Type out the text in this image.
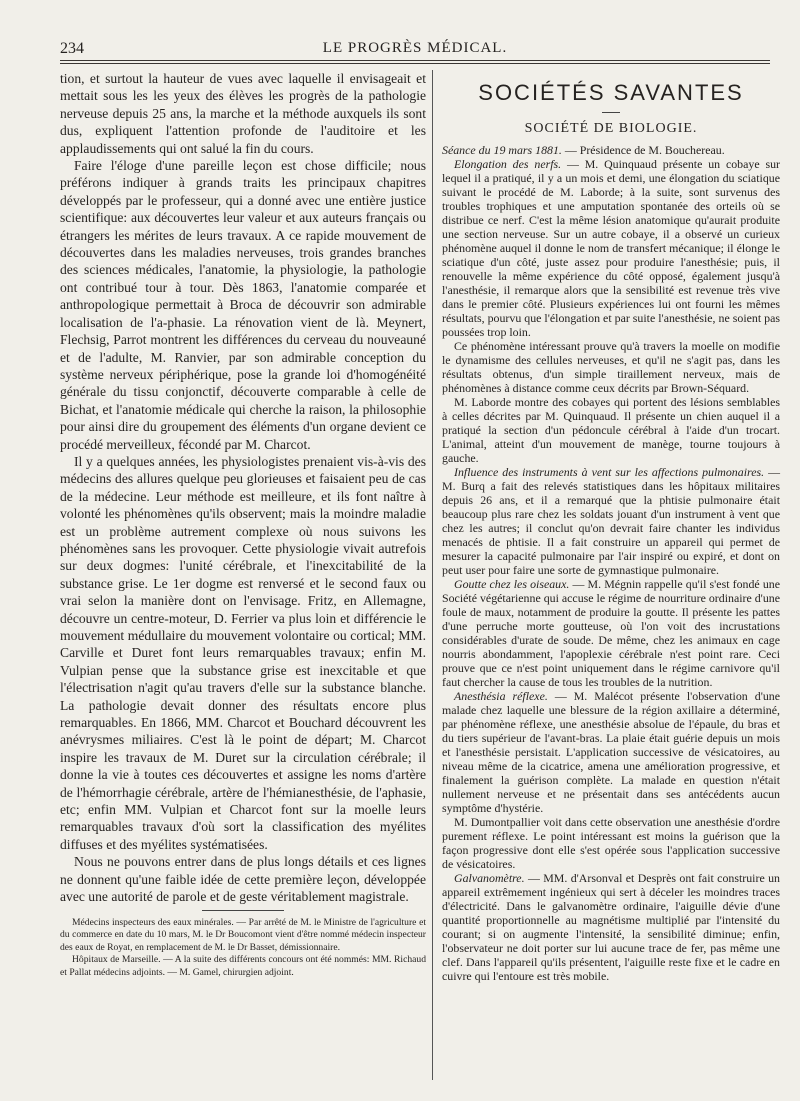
234	LE PROGRÈS MÉDICAL.

tion, et surtout la hauteur de vues avec laquelle il envisageait et mettait sous les les yeux des élèves les progrès de la pathologie nerveuse depuis 25 ans, la marche et la méthode auxquels ils sont dus, expliquent l'attention profonde de l'auditoire et les applaudissements qui ont salué la fin du cours.

Faire l'éloge d'une pareille leçon est chose difficile; nous préférons indiquer à grands traits les principaux chapitres développés par le professeur, qui a donné avec une entière justice scientifique: aux découvertes leur valeur et aux auteurs français ou étrangers les mérites de leurs travaux. A ce rapide mouvement de découvertes dans les maladies nerveuses, trois grandes branches des sciences médicales, l'anatomie, la physiologie, la pathologie ont contribué tour à tour. Dès 1863, l'anatomie comparée et anthropologique permettait à Broca de découvrir son admirable localisation de l'a-phasie. La rénovation vient de là. Meynert, Flechsig, Parrot montrent les différences du cerveau du nouveauné et de l'adulte, M. Ranvier, par son admirable conception du système nerveux périphérique, pose la grande loi d'homogénéité générale du tissu conjonctif, découverte comparable à celle de Bichat, et l'anatomie médicale qui cherche la raison, la philosophie pour ainsi dire du groupement des éléments d'un organe devient ce procédé merveilleux, fécondé par M. Charcot.

Il y a quelques années, les physiologistes prenaient vis-à-vis des médecins des allures quelque peu glorieuses et faisaient peu de cas de la médecine. Leur méthode est meilleure, et ils font naître à volonté les phénomènes qu'ils observent; mais la moindre maladie est un problème autrement complexe où nous suivons les phénomènes sans les provoquer. Cette physiologie vivait autrefois sur deux dogmes: l'unité cérébrale, et l'inexcitabilité de la substance grise. Le 1er dogme est renversé et le second faux ou vrai selon la manière dont on l'envisage. Fritz, en Allemagne, découvre un centre-moteur, D. Ferrier va plus loin et différencie le mouvement médullaire du mouvement volontaire ou cortical; MM. Carville et Duret font leurs remarquables travaux; enfin M. Vulpian pense que la substance grise est inexcitable et que l'électrisation n'agit qu'au travers d'elle sur la substance blanche. La pathologie devait donner des résultats encore plus remarquables. En 1866, MM. Charcot et Bouchard découvrent les anévrysmes miliaires. C'est là le point de départ; M. Charcot inspire les travaux de M. Duret sur la circulation cérébrale; il donne la vie à toutes ces découvertes et assigne les noms d'artère de l'hémorrhagie cérébrale, artère de l'hémianesthésie, de l'aphasie, etc; enfin MM. Vulpian et Charcot font sur la moelle leurs remarquables travaux d'où sort la classification des myélites diffuses et des myélites systématisées.

Nous ne pouvons entrer dans de plus longs détails et ces lignes ne donnent qu'une faible idée de cette première leçon, développée avec une autorité de parole et de geste véritablement magistrale.

Médecins inspecteurs des eaux minérales. — Par arrêté de M. le Ministre de l'agriculture et du commerce en date du 10 mars, M. le Dr Boucomont vient d'être nommé médecin inspecteur des eaux de Royat, en remplacement de M. le Dr Basset, démissionnaire.

Hôpitaux de Marseille. — A la suite des différents concours ont été nommés: MM. Richaud et Pallat médecins adjoints. — M. Gamel, chirurgien adjoint.

SOCIÉTÉS SAVANTES
SOCIÉTÉ DE BIOLOGIE.

Séance du 19 mars 1881. — Présidence de M. Bouchereau.

Elongation des nerfs. — M. Quinquaud présente un cobaye sur lequel il a pratiqué, il y a un mois et demi, une élongation du sciatique suivant le procédé de M. Laborde; à la suite, sont survenus des troubles trophiques et une amputation spontanée des orteils où se distribue ce nerf. C'est la même lésion anatomique qu'aurait produite une section nerveuse. Sur un autre cobaye, il a observé un curieux phénomène auquel il donne le nom de transfert mécanique; il élonge le sciatique d'un côté, juste assez pour produire l'anesthésie; puis, il renouvelle la même expérience du côté opposé, également jusqu'à l'anesthésie, il remarque alors que la sensibilité est revenue très vive dans le premier côté. Plusieurs expériences lui ont fourni les mêmes résultats, pourvu que l'élongation et par suite l'anesthésie, ne soient pas poussées trop loin.

Ce phénomène intéressant prouve qu'à travers la moelle on modifie le dynamisme des cellules nerveuses, et qu'il ne s'agit pas, dans les résultats obtenus, d'un simple tiraillement nerveux, mais de phénomènes à distance comme ceux décrits par Brown-Séquard.

M. Laborde montre des cobayes qui portent des lésions semblables à celles décrites par M. Quinquaud. Il présente un chien auquel il a pratiqué la section d'un pédoncule cérébral à l'aide d'un trocart. L'animal, atteint d'un mouvement de manège, tourne toujours à gauche.

Influence des instruments à vent sur les affections pulmonaires. — M. Burq a fait des relevés statistiques dans les hôpitaux militaires depuis 26 ans, et il a remarqué que la phtisie pulmonaire était beaucoup plus rare chez les soldats jouant d'un instrument à vent que chez les autres; il conclut qu'on devrait faire chanter les individus menacés de phtisie. Il a fait construire un appareil qui permet de mesurer la capacité pulmonaire par l'air inspiré ou expiré, et dont on peut user pour faire une sorte de gymnastique pulmonaire.

Goutte chez les oiseaux. — M. Mégnin rappelle qu'il s'est fondé une Société végétarienne qui accuse le régime de nourriture ordinaire d'une foule de maux, notamment de produire la goutte. Il présente les pattes d'une perruche morte goutteuse, où l'on voit des incrustations considérables d'urate de soude. De même, chez les animaux en cage nourris abondamment, l'apoplexie cérébrale n'est point rare. Ceci prouve que ce n'est point uniquement dans le régime carnivore qu'il faut chercher la cause de tous les troubles de la nutrition.

Anesthésia réflexe. — M. Malécot présente l'observation d'une malade chez laquelle une blessure de la région axillaire a déterminé, par phénomène réflexe, une anesthésie absolue de l'épaule, du bras et du tiers supérieur de l'avant-bras. La plaie était guérie depuis un mois et l'anesthésie persistait. L'application successive de vésicatoires, au niveau même de la cicatrice, amena une amélioration progressive, et finalement la guérison complète. La malade en question n'était nullement nerveuse et ne présentait dans ses antécédents aucun symptôme d'hystérie.

M. Dumontpallier voit dans cette observation une anesthésie d'ordre purement réflexe. Le point intéressant est moins la guérison que la façon progressive dont elle s'est opérée sous l'application successive de vésicatoires.

Galvanomètre. — MM. d'Arsonval et Desprès ont fait construire un appareil extrêmement ingénieux qui sert à déceler les moindres traces d'électricité. Dans le galvanomètre ordinaire, l'aiguille dévie d'une quantité proportionnelle au magnétisme multiplié par l'intensité du courant; si on augmente l'intensité, la sensibilité diminue; enfin, l'observateur ne doit porter sur lui aucune trace de fer, pas même une clef. Dans l'appareil qu'ils présentent, l'aiguille reste fixe et le cadre en cuivre qui l'entoure est très mobile.
